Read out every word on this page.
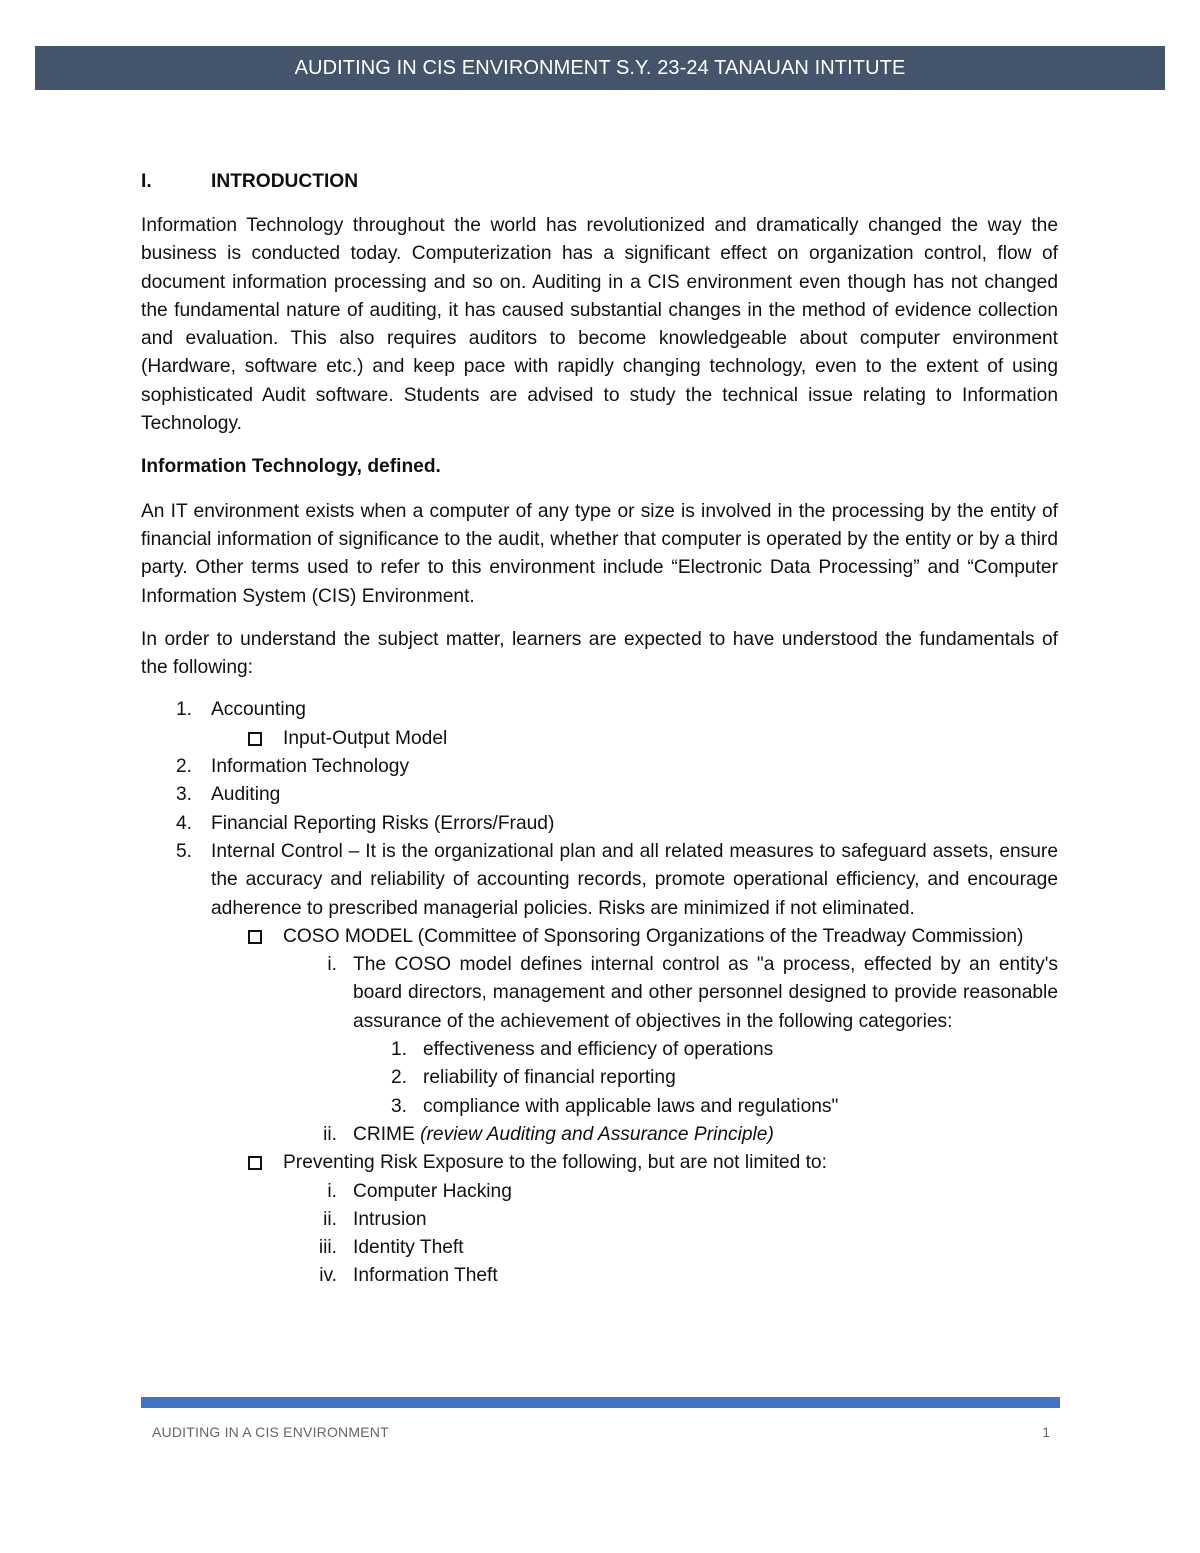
AUDITING IN CIS ENVIRONMENT S.Y. 23-24 TANAUAN INTITUTE
I.	INTRODUCTION

Information Technology throughout the world has revolutionized and dramatically changed the way the business is conducted today. Computerization has a significant effect on organization control, flow of document information processing and so on. Auditing in a CIS environment even though has not changed the fundamental nature of auditing, it has caused substantial changes in the method of evidence collection and evaluation. This also requires auditors to become knowledgeable about computer environment (Hardware, software etc.) and keep pace with rapidly changing technology, even to the extent of using sophisticated Audit software. Students are advised to study the technical issue relating to Information Technology.

Information Technology, defined.

An IT environment exists when a computer of any type or size is involved in the processing by the entity of financial information of significance to the audit, whether that computer is operated by the entity or by a third party. Other terms used to refer to this environment include “Electronic Data Processing” and “Computer Information System (CIS) Environment.

In order to understand the subject matter, learners are expected to have understood the fundamentals of the following:

1. Accounting
Input-Output Model
2. Information Technology
3. Auditing
4. Financial Reporting Risks (Errors/Fraud)
5. Internal Control – It is the organizational plan and all related measures to safeguard assets, ensure the accuracy and reliability of accounting records, promote operational efficiency, and encourage adherence to prescribed managerial policies. Risks are minimized if not eliminated.
COSO MODEL (Committee of Sponsoring Organizations of the Treadway Commission)
i. The COSO model defines internal control as "a process, effected by an entity's board directors, management and other personnel designed to provide reasonable assurance of the achievement of objectives in the following categories:
1. effectiveness and efficiency of operations
2. reliability of financial reporting
3. compliance with applicable laws and regulations"
ii. CRIME (review Auditing and Assurance Principle)
Preventing Risk Exposure to the following, but are not limited to:
i. Computer Hacking
ii. Intrusion
iii. Identity Theft
iv. Information Theft
AUDITING IN A CIS ENVIRONMENT	1
